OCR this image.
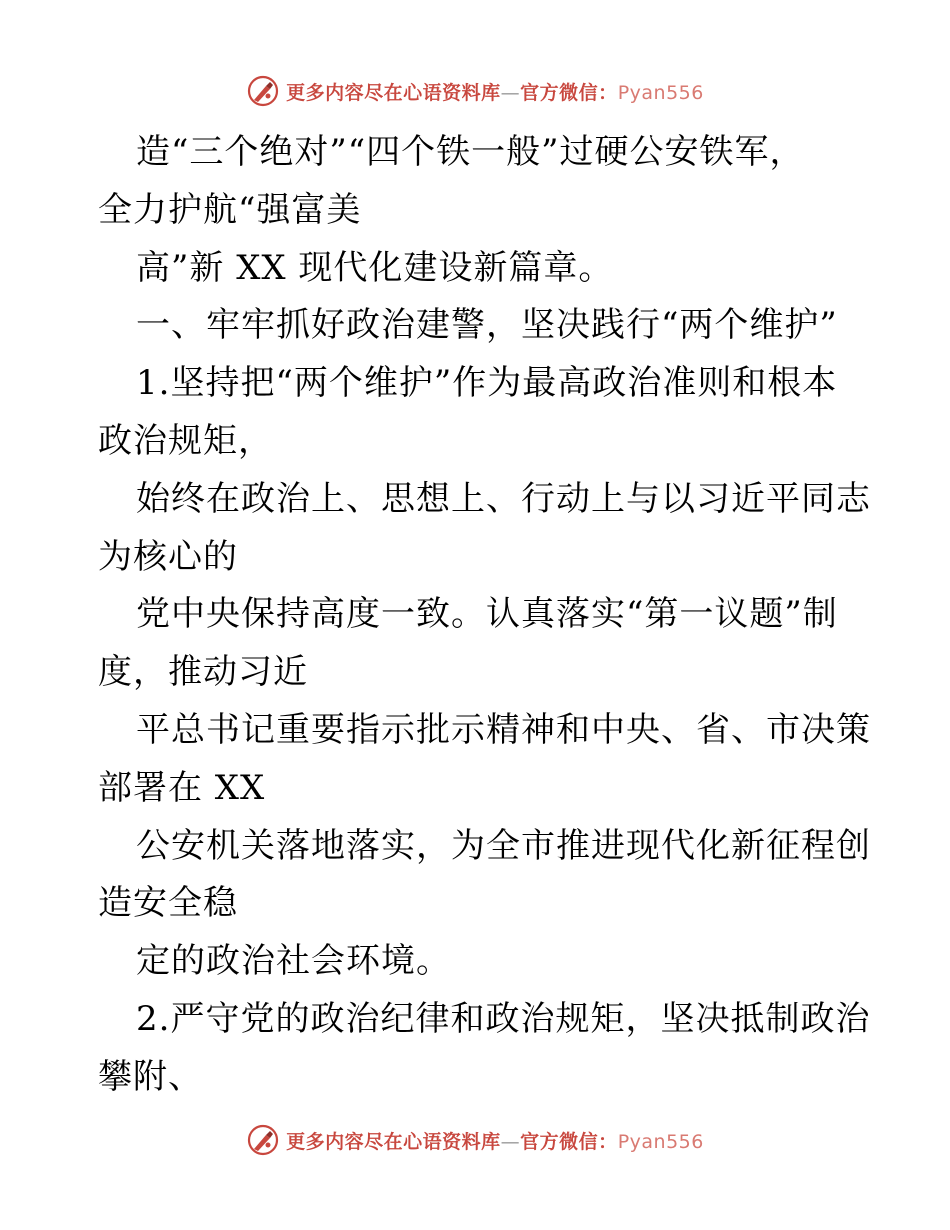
更多内容尽在心语资料库—官方微信：Pyan556
造“三个绝对”“四个铁一般”过硬公安铁军，
全力护航“强富美
高”新 XX 现代化建设新篇章。
一、牢牢抓好政治建警，坚决践行“两个维护”
1.坚持把“两个维护”作为最高政治准则和根本
政治规矩，
始终在政治上、思想上、行动上与以习近平同志
为核心的
党中央保持高度一致。认真落实“第一议题”制
度，推动习近
平总书记重要指示批示精神和中央、省、市决策
部署在 XX
公安机关落地落实，为全市推进现代化新征程创
造安全稳
定的政治社会环境。
2.严守党的政治纪律和政治规矩，坚决抵制政治
攀附、
更多内容尽在心语资料库—官方微信：Pyan556
